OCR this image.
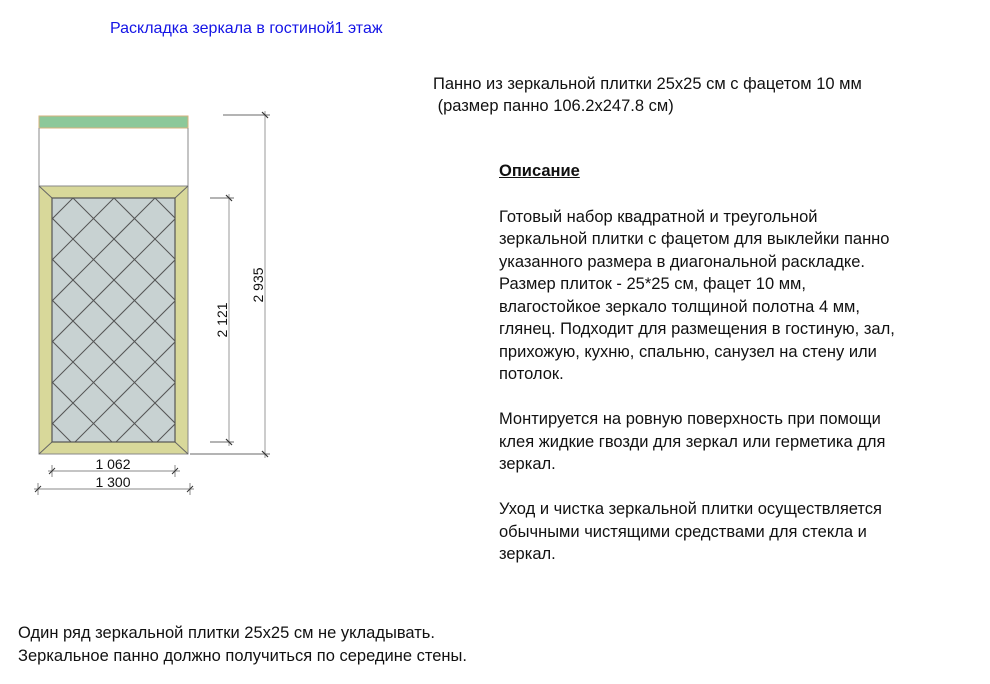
Раскладка зеркала в гостиной1 этаж
Панно из зеркальной плитки 25х25 см с фацетом 10 мм
(размер панно 106.2х247.8 см)
Описание

Готовый набор квадратной и треугольной
зеркальной плитки с фацетом для выклейки панно
указанного размера в диагональной раскладке.
Размер плиток - 25*25 см, фацет 10 мм,
влагостойкое зеркало толщиной полотна 4 мм,
глянец. Подходит для размещения в гостиную, зал,
прихожую, кухню, спальню, санузел на стену или
потолок.

Монтируется на ровную поверхность при помощи
клея жидкие гвозди для зеркал или герметика для
зеркал.

Уход и чистка зеркальной плитки осуществляется
обычными чистящими средствами для стекла и
зеркал.

Один ряд зеркальной плитки 25х25 см не укладывать.
Зеркальное панно должно получиться по середине стены.
1 062
1 300
2 121
2 935
